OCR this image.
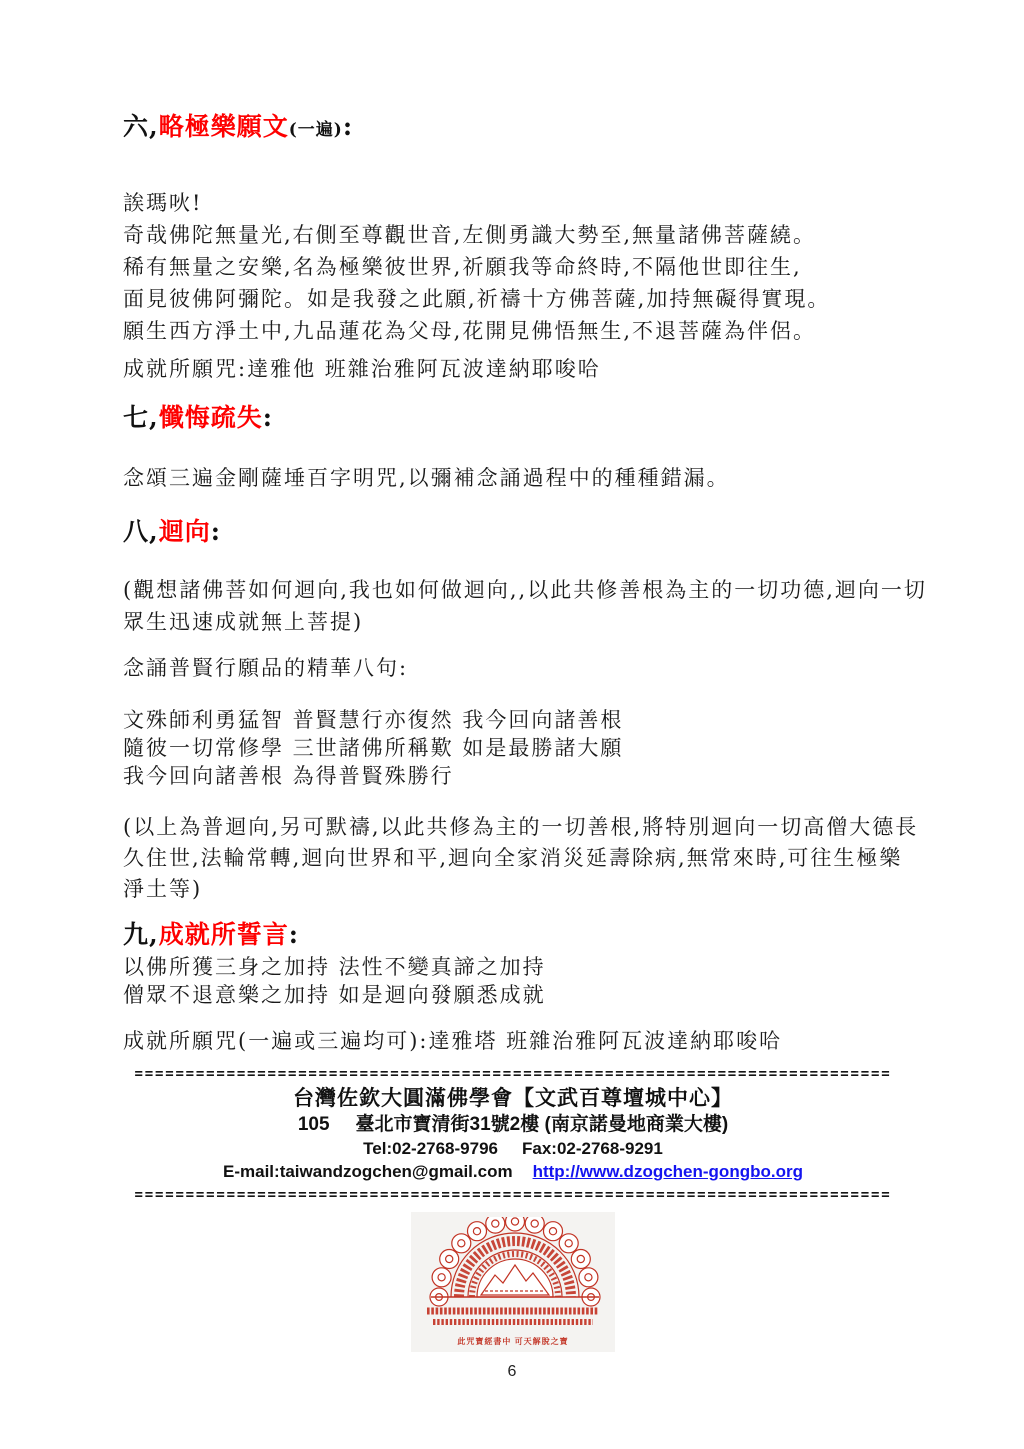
六,略極樂願文(一遍):
誒瑪吙!
奇哉佛陀無量光,右側至尊觀世音,左側勇識大勢至,無量諸佛菩薩繞。
稀有無量之安樂,名為極樂彼世界,祈願我等命終時,不隔他世即往生,
面見彼佛阿彌陀。如是我發之此願,祈禱十方佛菩薩,加持無礙得實現。
願生西方淨土中,九品蓮花為父母,花開見佛悟無生,不退菩薩為伴侶。
成就所願咒:達雅他 班雜治雅阿瓦波達納耶唆哈
七,懺悔疏失:
念頌三遍金剛薩埵百字明咒,以彌補念誦過程中的種種錯漏。
八,迴向:
(觀想諸佛菩如何迴向,我也如何做迴向,,以此共修善根為主的一切功德,迴向一切
眾生迅速成就無上菩提)
念誦普賢行願品的精華八句:
文殊師利勇猛智 普賢慧行亦復然 我今回向諸善根
隨彼一切常修學 三世諸佛所稱歎 如是最勝諸大願
我今回向諸善根 為得普賢殊勝行
(以上為普迴向,另可默禱,以此共修為主的一切善根,將特別迴向一切高僧大德長
久住世,法輪常轉,迴向世界和平,迴向全家消災延壽除病,無常來時,可往生極樂
淨土等)
九,成就所誓言:
以佛所獲三身之加持 法性不變真諦之加持
僧眾不退意樂之加持 如是迴向發願悉成就
成就所願咒(一遍或三遍均可):達雅塔 班雜治雅阿瓦波達納耶唆哈
==========================================================================
台灣佐欽大圓滿佛學會【文武百尊壇城中心】
105 臺北市寶清街31號2樓 (南京諾曼地商業大樓)
Tel:02-2768-9796 Fax:02-2768-9291
E-mail:taiwandzogchen@gmail.com http://www.dzogchen-gongbo.org
==========================================================================
此咒寶經書中 可天解脫之寶
6
